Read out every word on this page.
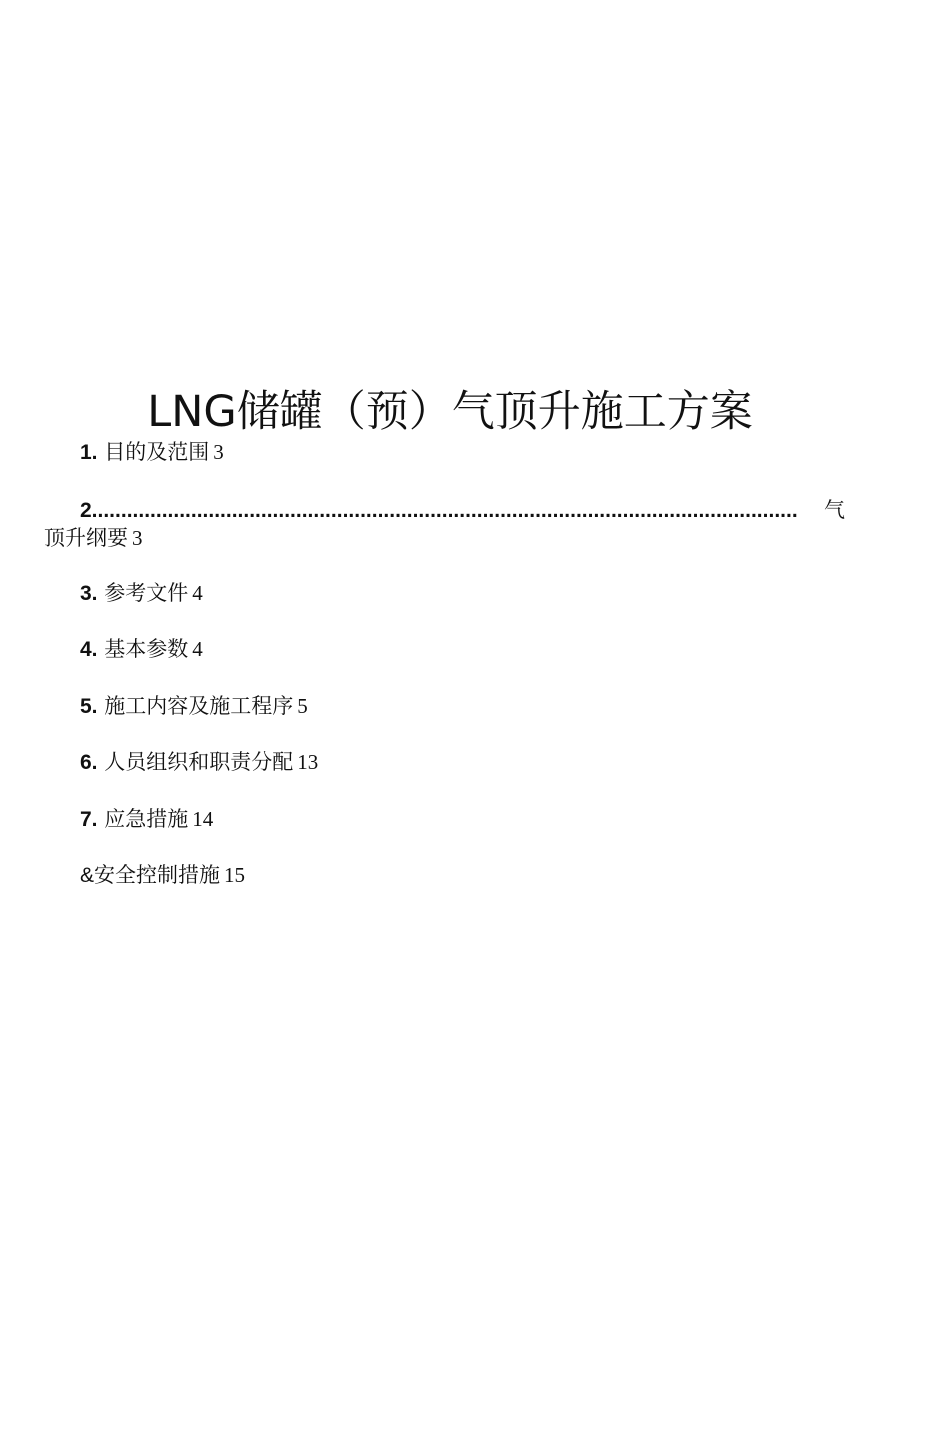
LNG储罐（预）气顶升施工方案
1. 目的及范围 3
2. ........................................................................................................................	气
顶升纲要 3
3. 参考文件 4
4. 基本参数 4
5. 施工内容及施工程序 5
6. 人员组织和职责分配 13
7. 应急措施 14
&安全控制措施 15
